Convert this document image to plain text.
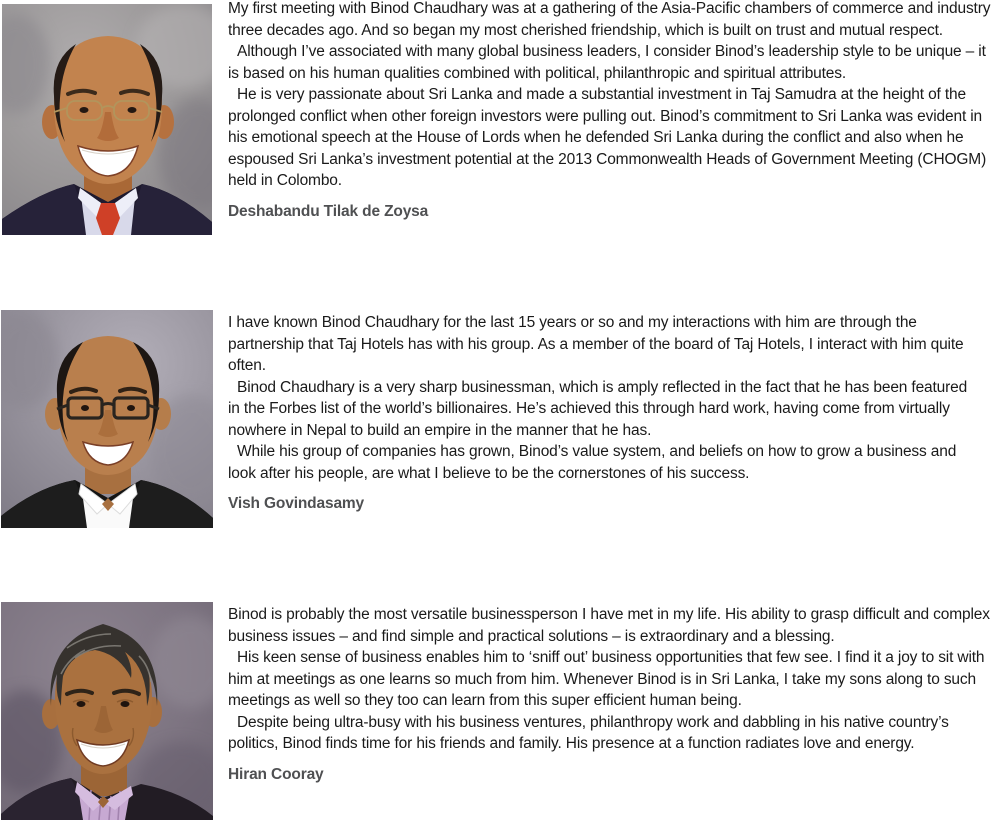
My first meeting with Binod Chaudhary was at a gathering of the Asia-Pacific chambers of commerce and industry three decades ago. And so began my most cherished friendship, which is built on trust and mutual respect.

Although I’ve associated with many global business leaders, I consider Binod’s leadership style to be unique – it is based on his human qualities combined with political, philanthropic and spiritual attributes.

He is very passionate about Sri Lanka and made a substantial investment in Taj Samudra at the height of the prolonged conflict when other foreign investors were pulling out. Binod’s commitment to Sri Lanka was evident in his emotional speech at the House of Lords when he defended Sri Lanka during the conflict and also when he espoused Sri Lanka’s investment potential at the 2013 Commonwealth Heads of Government Meeting (CHOGM) held in Colombo.

Deshabandu Tilak de Zoysa

I have known Binod Chaudhary for the last 15 years or so and my interactions with him are through the partnership that Taj Hotels has with his group. As a member of the board of Taj Hotels, I interact with him quite often.

Binod Chaudhary is a very sharp businessman, which is amply reflected in the fact that he has been featured in the Forbes list of the world’s billionaires. He’s achieved this through hard work, having come from virtually nowhere in Nepal to build an empire in the manner that he has.

While his group of companies has grown, Binod’s value system, and beliefs on how to grow a business and look after his people, are what I believe to be the cornerstones of his success.

Vish Govindasamy

Binod is probably the most versatile businessperson I have met in my life. His ability to grasp difficult and complex business issues – and find simple and practical solutions – is extraordinary and a blessing.

His keen sense of business enables him to ‘sniff out’ business opportunities that few see. I find it a joy to sit with him at meetings as one learns so much from him. Whenever Binod is in Sri Lanka, I take my sons along to such meetings as well so they too can learn from this super efficient human being.

Despite being ultra-busy with his business ventures, philanthropy work and dabbling in his native country’s politics, Binod finds time for his friends and family. His presence at a function radiates love and energy.

Hiran Cooray
